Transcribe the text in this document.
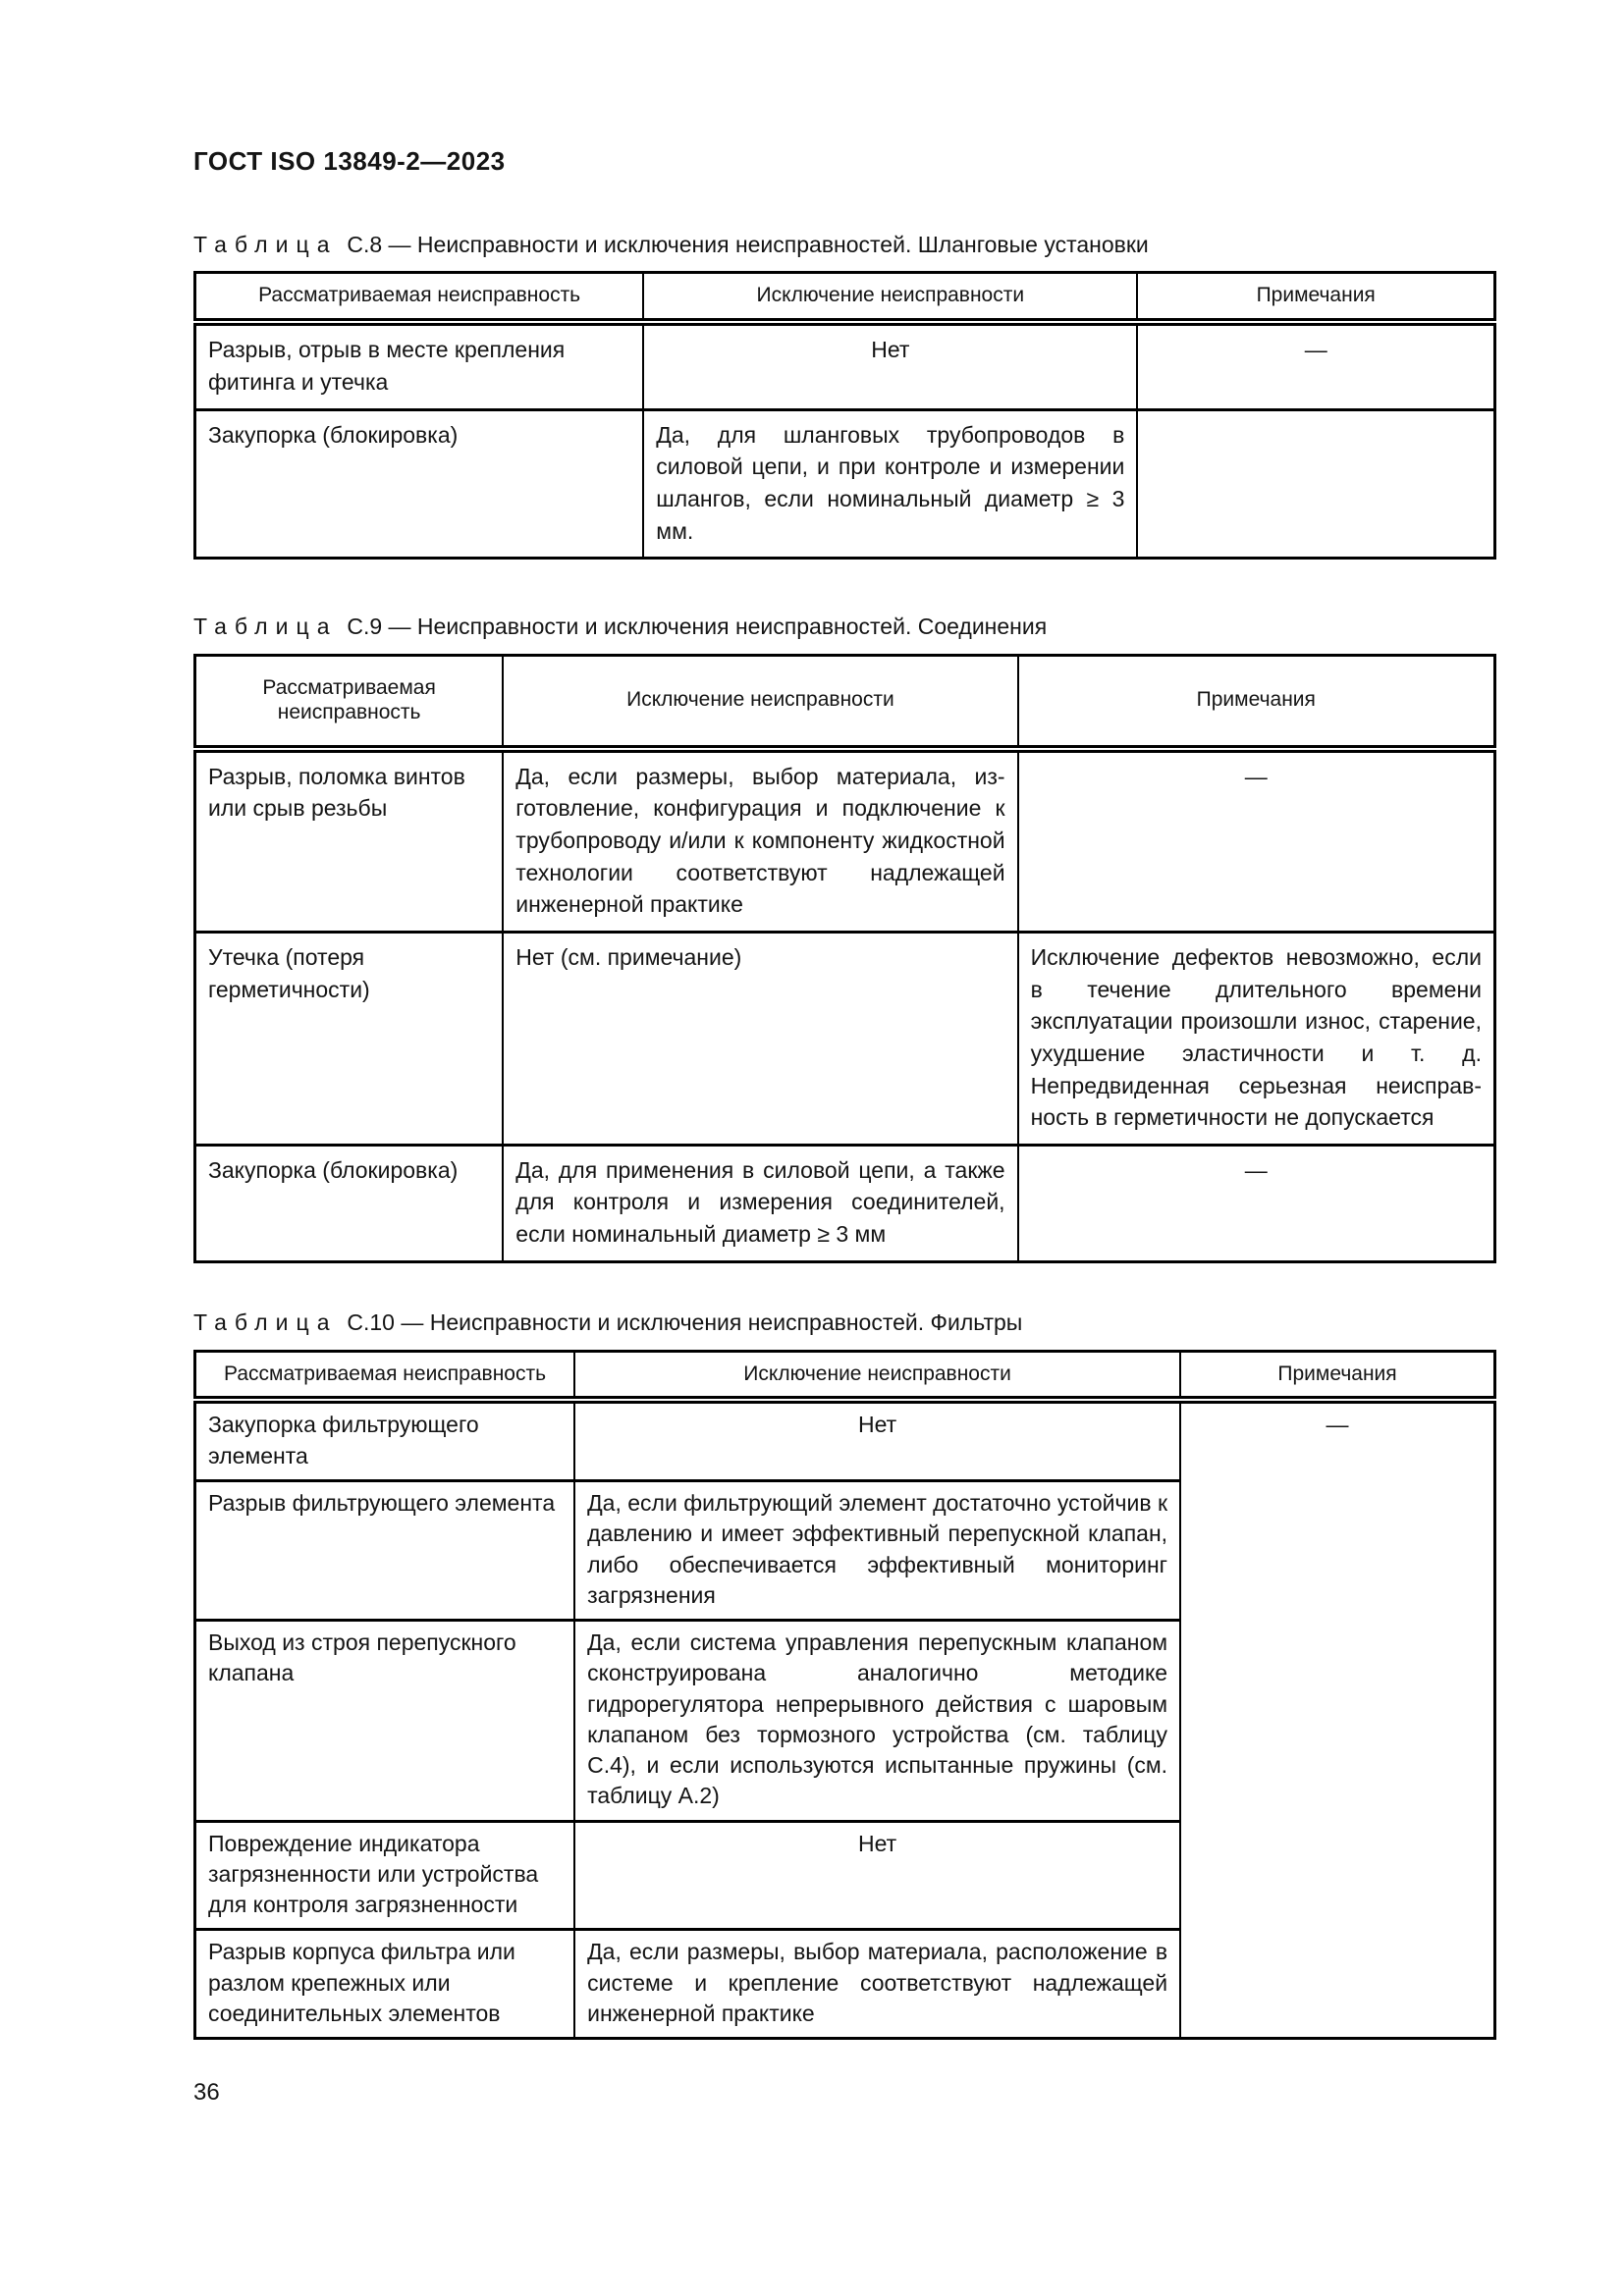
ГОСТ ISO 13849-2—2023

Таблица С.8 — Неисправности и исключения неисправностей. Шланговые установки

Рассматриваемая неисправность	Исключение неисправности	Примечания
Разрыв, отрыв в месте крепления фитинга и утечка	Нет	—
Закупорка (блокировка)	Да, для шланговых трубопроводов в силовой цепи, и при контроле и измерении шлангов, если номинальный диаметр ≥ 3 мм.	

Таблица С.9 — Неисправности и исключения неисправностей. Соединения

Рассматриваемая неисправность	Исключение неисправности	Примечания
Разрыв, поломка винтов или срыв резьбы	Да, если размеры, выбор материала, изготовление, конфигурация и подключение к трубопроводу и/или к компоненту жидкостной технологии соответствуют надлежащей инженерной практике	—
Утечка (потеря герметичности)	Нет (см. примечание)	Исключение дефектов невозможно, если в течение длительного времени эксплуатации произошли износ, старение, ухудшение эластичности и т. д. Непредвиденная серьезная неисправность в герметичности не допускается
Закупорка (блокировка)	Да, для применения в силовой цепи, а также для контроля и измерения соединителей, если номинальный диаметр ≥ 3 мм	—

Таблица С.10 — Неисправности и исключения неисправностей. Фильтры

Рассматриваемая неисправность	Исключение неисправности	Примечания
Закупорка фильтрующего элемента	Нет	—
Разрыв фильтрующего элемента	Да, если фильтрующий элемент достаточно устойчив к давлению и имеет эффективный перепускной клапан, либо обеспечивается эффективный мониторинг загрязнения	
Выход из строя перепускного клапана	Да, если система управления перепускным клапаном сконструирована аналогично методике гидрорегулятора непрерывного действия с шаровым клапаном без тормозного устройства (см. таблицу С.4), и если используются испытанные пружины (см. таблицу А.2)	
Повреждение индикатора загрязненности или устройства для контроля загрязненности	Нет	
Разрыв корпуса фильтра или разлом крепежных или соединительных элементов	Да, если размеры, выбор материала, расположение в системе и крепление соответствуют надлежащей инженерной практике	
36
